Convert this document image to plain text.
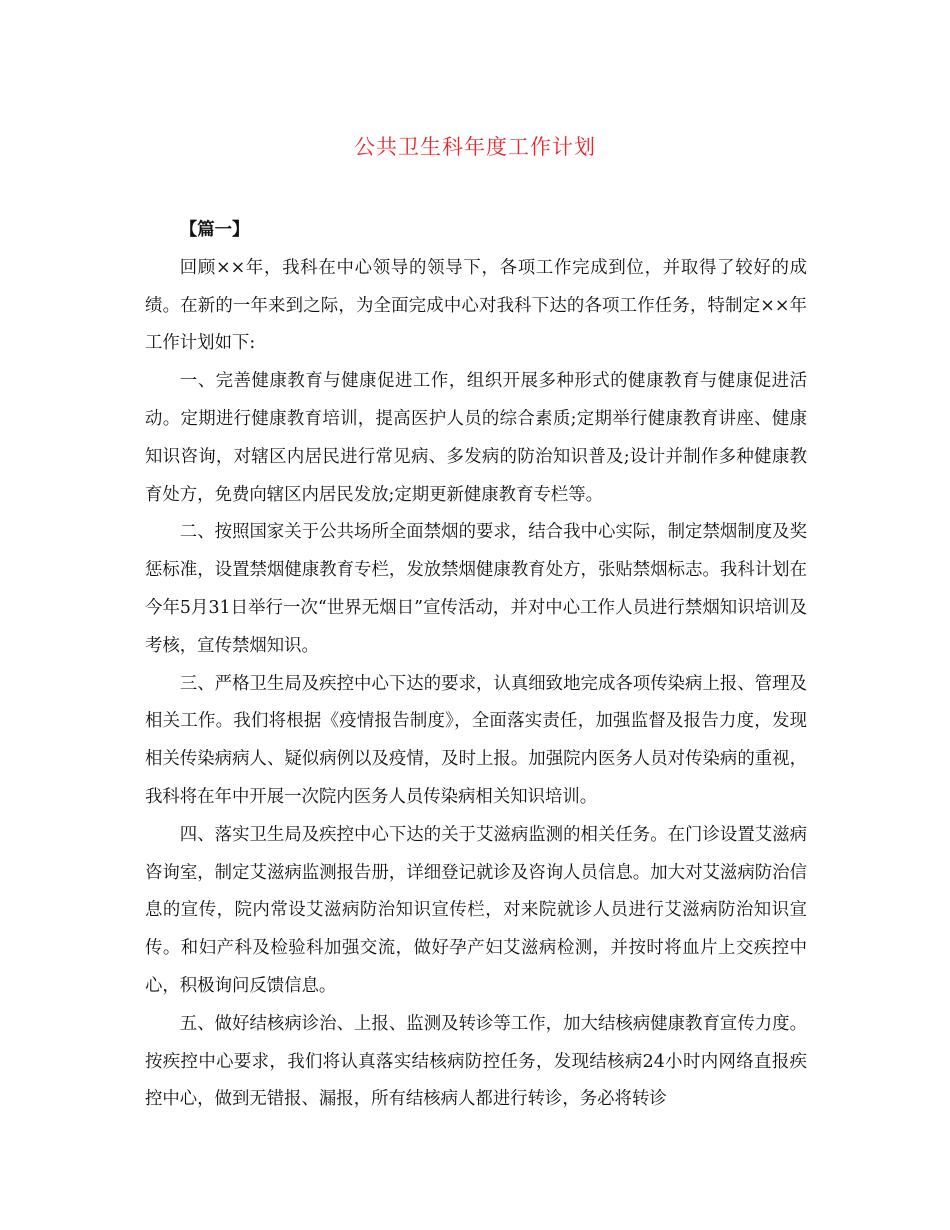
公共卫生科年度工作计划

【篇一】

回顾××年，我科在中心领导的领导下，各项工作完成到位，并取得了较好的成绩。在新的一年来到之际，为全面完成中心对我科下达的各项工作任务，特制定××年工作计划如下:

一、完善健康教育与健康促进工作，组织开展多种形式的健康教育与健康促进活动。定期进行健康教育培训，提高医护人员的综合素质;定期举行健康教育讲座、健康知识咨询，对辖区内居民进行常见病、多发病的防治知识普及;设计并制作多种健康教育处方，免费向辖区内居民发放;定期更新健康教育专栏等。

二、按照国家关于公共场所全面禁烟的要求，结合我中心实际，制定禁烟制度及奖惩标准，设置禁烟健康教育专栏，发放禁烟健康教育处方，张贴禁烟标志。我科计划在今年5月31日举行一次“世界无烟日”宣传活动，并对中心工作人员进行禁烟知识培训及考核，宣传禁烟知识。

三、严格卫生局及疾控中心下达的要求，认真细致地完成各项传染病上报、管理及相关工作。我们将根据《疫情报告制度》，全面落实责任，加强监督及报告力度，发现相关传染病病人、疑似病例以及疫情，及时上报。加强院内医务人员对传染病的重视，我科将在年中开展一次院内医务人员传染病相关知识培训。

四、落实卫生局及疾控中心下达的关于艾滋病监测的相关任务。在门诊设置艾滋病咨询室，制定艾滋病监测报告册，详细登记就诊及咨询人员信息。加大对艾滋病防治信息的宣传，院内常设艾滋病防治知识宣传栏，对来院就诊人员进行艾滋病防治知识宣传。和妇产科及检验科加强交流，做好孕产妇艾滋病检测，并按时将血片上交疾控中心，积极询问反馈信息。

五、做好结核病诊治、上报、监测及转诊等工作，加大结核病健康教育宣传力度。按疾控中心要求，我们将认真落实结核病防控任务，发现结核病24小时内网络直报疾控中心，做到无错报、漏报，所有结核病人都进行转诊，务必将转诊
